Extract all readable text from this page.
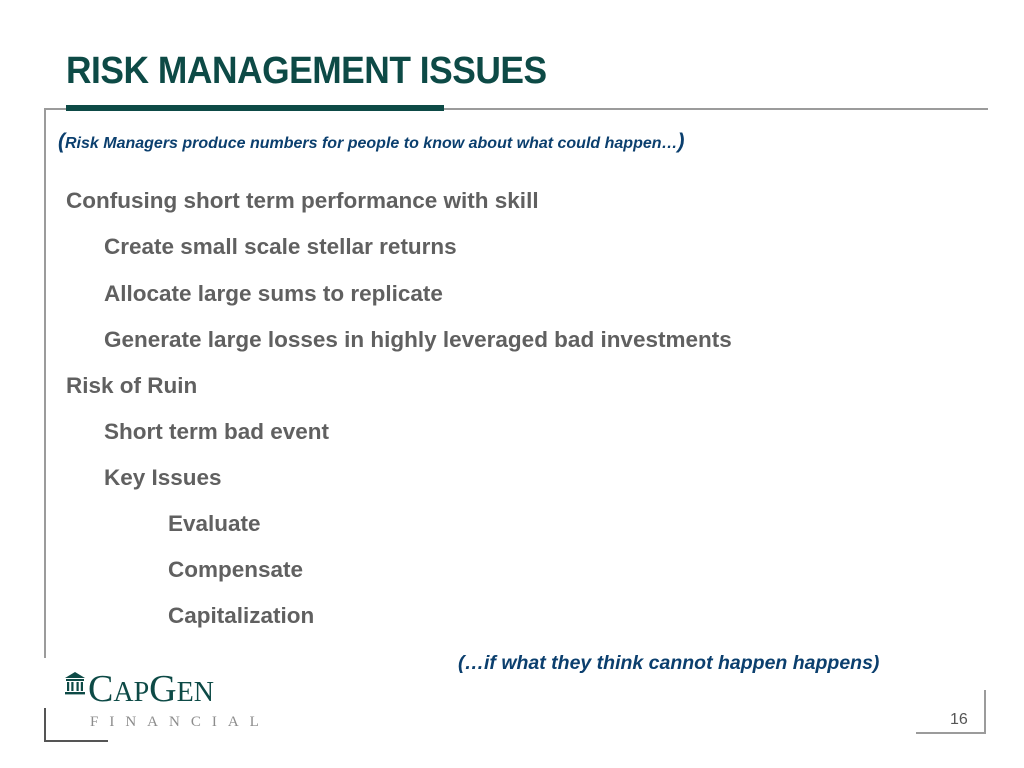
RISK MANAGEMENT ISSUES
(Risk Managers produce numbers for people to know about what could happen…)
Confusing short term performance with skill
Create small scale stellar returns
Allocate large sums to replicate
Generate large losses in highly leveraged bad investments
Risk of Ruin
Short term bad event
Key Issues
Evaluate
Compensate
Capitalization
(…if what they think cannot happen happens)
CAPGEN
FINANCIAL	16
